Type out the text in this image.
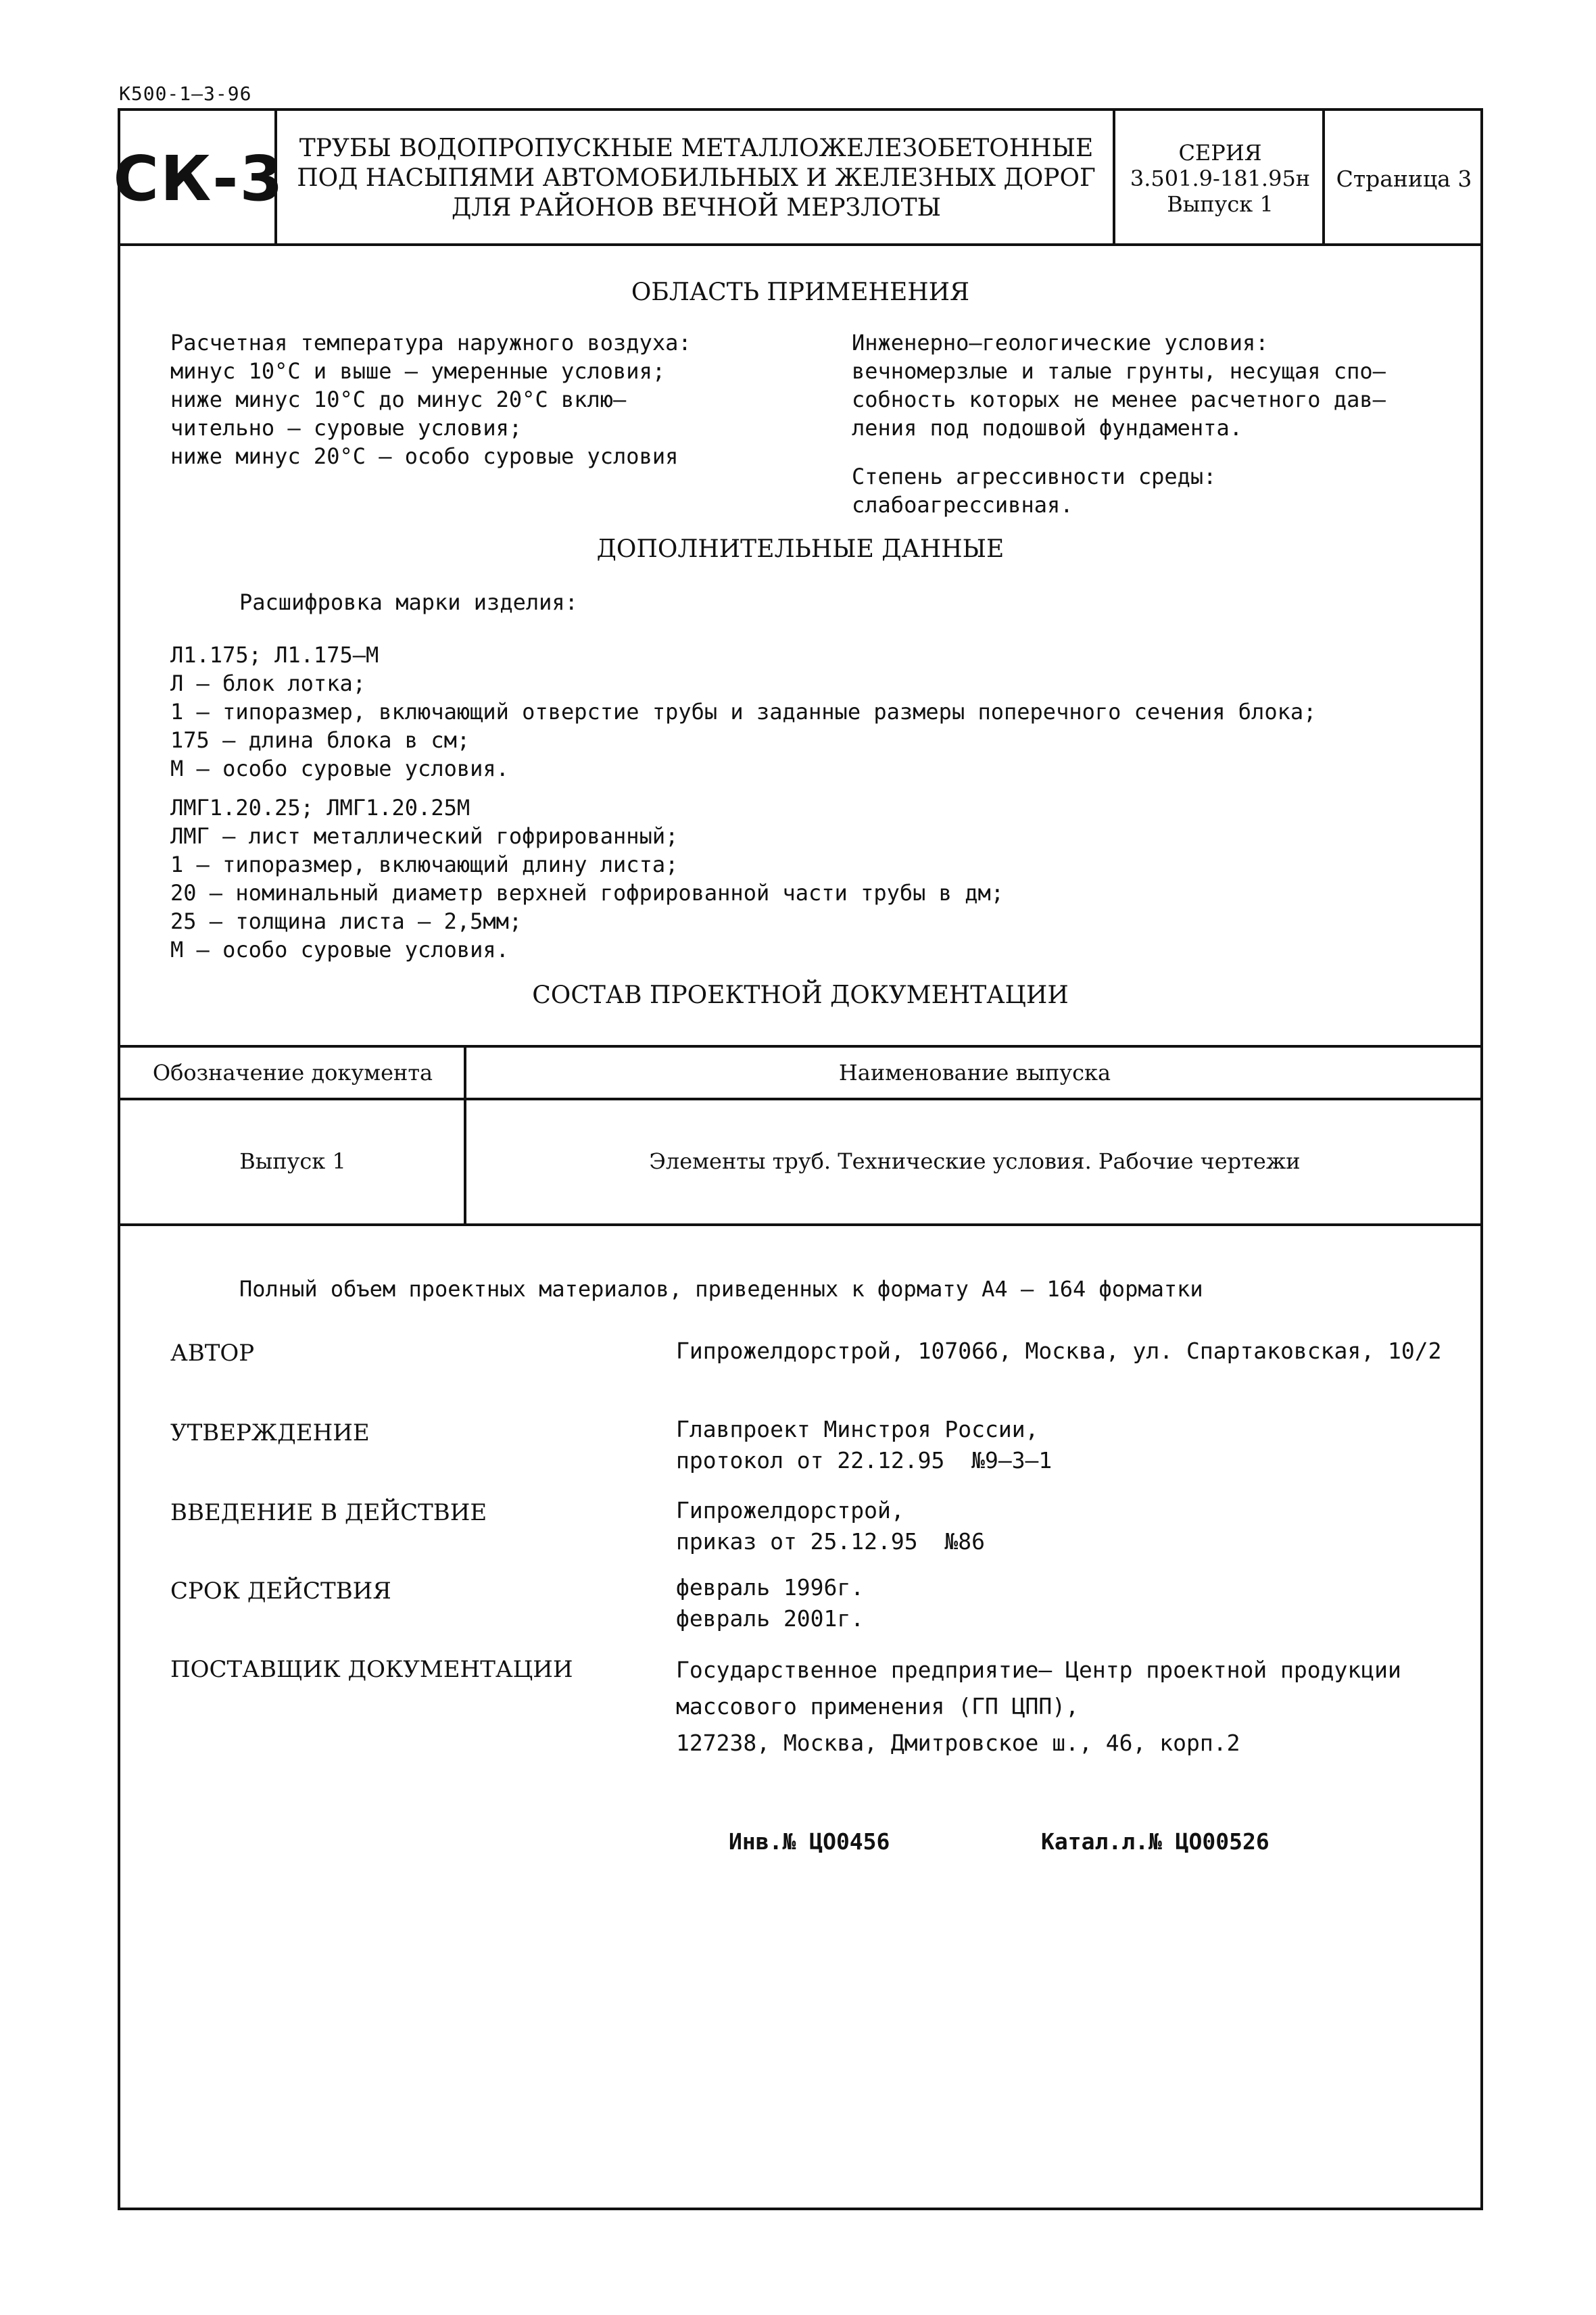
К500-1—3-96
СК-3 ТРУБЫ ВОДОПРОПУСКНЫЕ МЕТАЛЛОЖЕЛЕЗОБЕТОННЫЕ
ПОД НАСЫПЯМИ АВТОМОБИЛЬНЫХ И ЖЕЛЕЗНЫХ ДОРОГ
ДЛЯ РАЙОНОВ ВЕЧНОЙ МЕРЗЛОТЫ
СЕРИЯ
3.501.9-181.95н
Выпуск 1
Страница 3
ОБЛАСТЬ ПРИМЕНЕНИЯ
Расчетная температура наружного воздуха:
минус 10°С и выше – умеренные условия;
ниже минус 10°С до минус 20°С вклю–
чительно – суровые условия;
ниже минус 20°С – особо суровые условия
Инженерно–геологические условия:
вечномерзлые и талые грунты, несущая спо–
собность которых не менее расчетного дав–
ления под подошвой фундамента.
Степень агрессивности среды:
слабоагрессивная.
ДОПОЛНИТЕЛЬНЫЕ ДАННЫЕ
Расшифровка марки изделия:
Л1.175; Л1.175–М
Л – блок лотка;
1 – типоразмер, включающий отверстие трубы и заданные размеры поперечного сечения блока;
175 – длина блока в см;
М – особо суровые условия.
ЛМГ1.20.25; ЛМГ1.20.25М
ЛМГ – лист металлический гофрированный;
1 – типоразмер, включающий длину листа;
20 – номинальный диаметр верхней гофрированной части трубы в дм;
25 – толщина листа – 2,5мм;
М – особо суровые условия.
СОСТАВ ПРОЕКТНОЙ ДОКУМЕНТАЦИИ
Обозначение документа	Наименование выпуска
Выпуск 1	Элементы труб. Технические условия. Рабочие чертежи
Полный объем проектных материалов, приведенных к формату А4 – 164 форматки
АВТОР	Гипрожелдорстрой, 107066, Москва, ул. Спартаковская, 10/2
УТВЕРЖДЕНИЕ	Главпроект Минстроя России,
протокол от 22.12.95  №9–3–1
ВВЕДЕНИЕ В ДЕЙСТВИЕ	Гипрожелдорстрой,
приказ от 25.12.95  №86
СРОК ДЕЙСТВИЯ	февраль 1996г.
февраль 2001г.
ПОСТАВЩИК ДОКУМЕНТАЦИИ	Государственное предприятие– Центр проектной продукции
массового применения (ГП ЦПП),
127238, Москва, Дмитровское ш., 46, корп.2
Инв.№ ЦО0456	Катал.л.№ ЦО00526
